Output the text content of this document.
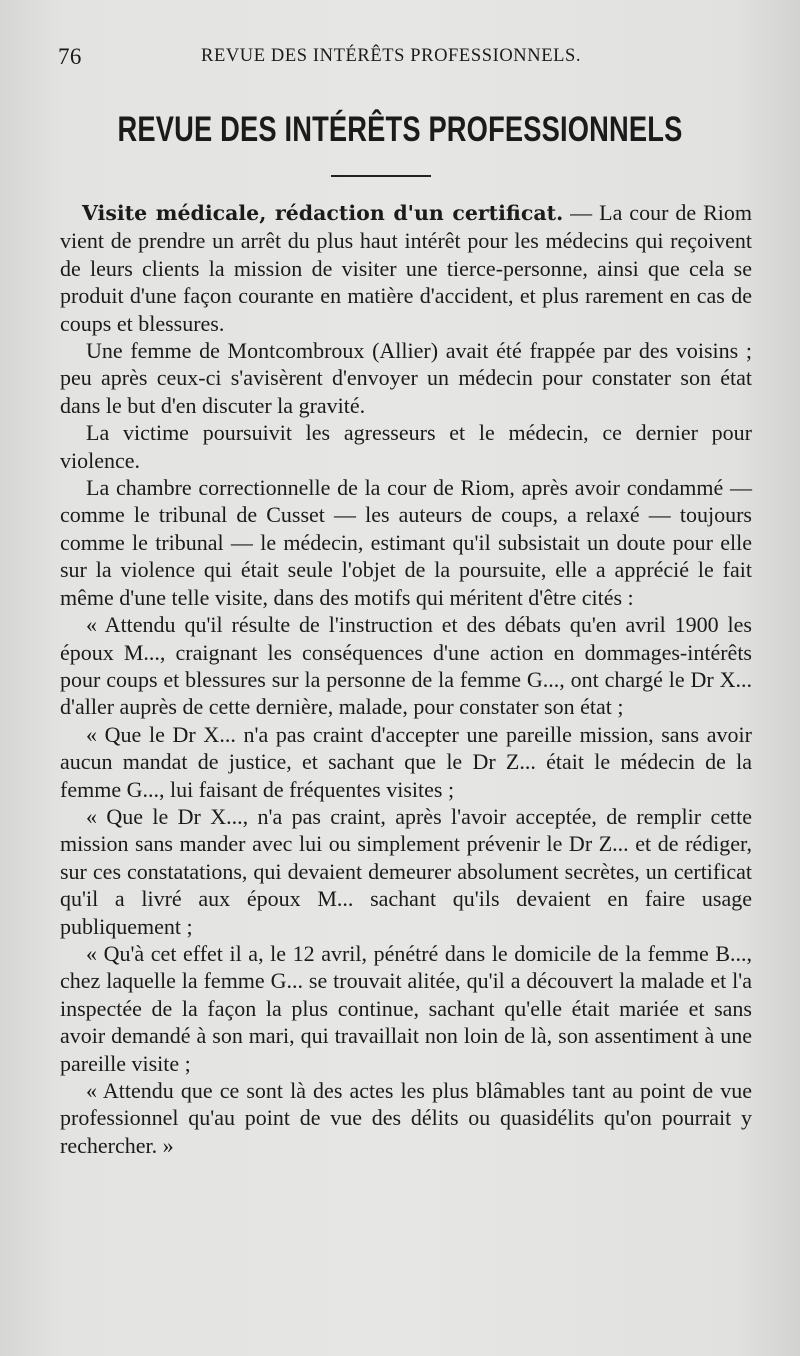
76	REVUE DES INTÉRÊTS PROFESSIONNELS.
REVUE DES INTÉRÊTS PROFESSIONNELS

Visite médicale, rédaction d'un certificat. — La cour de Riom vient de prendre un arrêt du plus haut intérêt pour les médecins qui reçoivent de leurs clients la mission de visiter une tierce-personne, ainsi que cela se produit d'une façon courante en matière d'accident, et plus rarement en cas de coups et blessures.

Une femme de Montcombroux (Allier) avait été frappée par des voisins ; peu après ceux-ci s'avisèrent d'envoyer un médecin pour constater son état dans le but d'en discuter la gravité.

La victime poursuivit les agresseurs et le médecin, ce dernier pour violence.

La chambre correctionnelle de la cour de Riom, après avoir condammé — comme le tribunal de Cusset — les auteurs de coups, a relaxé — toujours comme le tribunal — le médecin, estimant qu'il subsistait un doute pour elle sur la violence qui était seule l'objet de la poursuite, elle a apprécié le fait même d'une telle visite, dans des motifs qui méritent d'être cités :

« Attendu qu'il résulte de l'instruction et des débats qu'en avril 1900 les époux M..., craignant les conséquences d'une action en dommages-intérêts pour coups et blessures sur la personne de la femme G..., ont chargé le Dr X... d'aller auprès de cette dernière, malade, pour constater son état ;

« Que le Dr X... n'a pas craint d'accepter une pareille mission, sans avoir aucun mandat de justice, et sachant que le Dr Z... était le médecin de la femme G..., lui faisant de fréquentes visites ;

« Que le Dr X..., n'a pas craint, après l'avoir acceptée, de remplir cette mission sans mander avec lui ou simplement prévenir le Dr Z... et de rédiger, sur ces constatations, qui devaient demeurer absolument secrètes, un certificat qu'il a livré aux époux M... sachant qu'ils devaient en faire usage publiquement ;

« Qu'à cet effet il a, le 12 avril, pénétré dans le domicile de la femme B..., chez laquelle la femme G... se trouvait alitée, qu'il a découvert la malade et l'a inspectée de la façon la plus continue, sachant qu'elle était mariée et sans avoir demandé à son mari, qui travaillait non loin de là, son assentiment à une pareille visite ;

« Attendu que ce sont là des actes les plus blâmables tant au point de vue professionnel qu'au point de vue des délits ou quasidélits qu'on pourrait y rechercher. »
